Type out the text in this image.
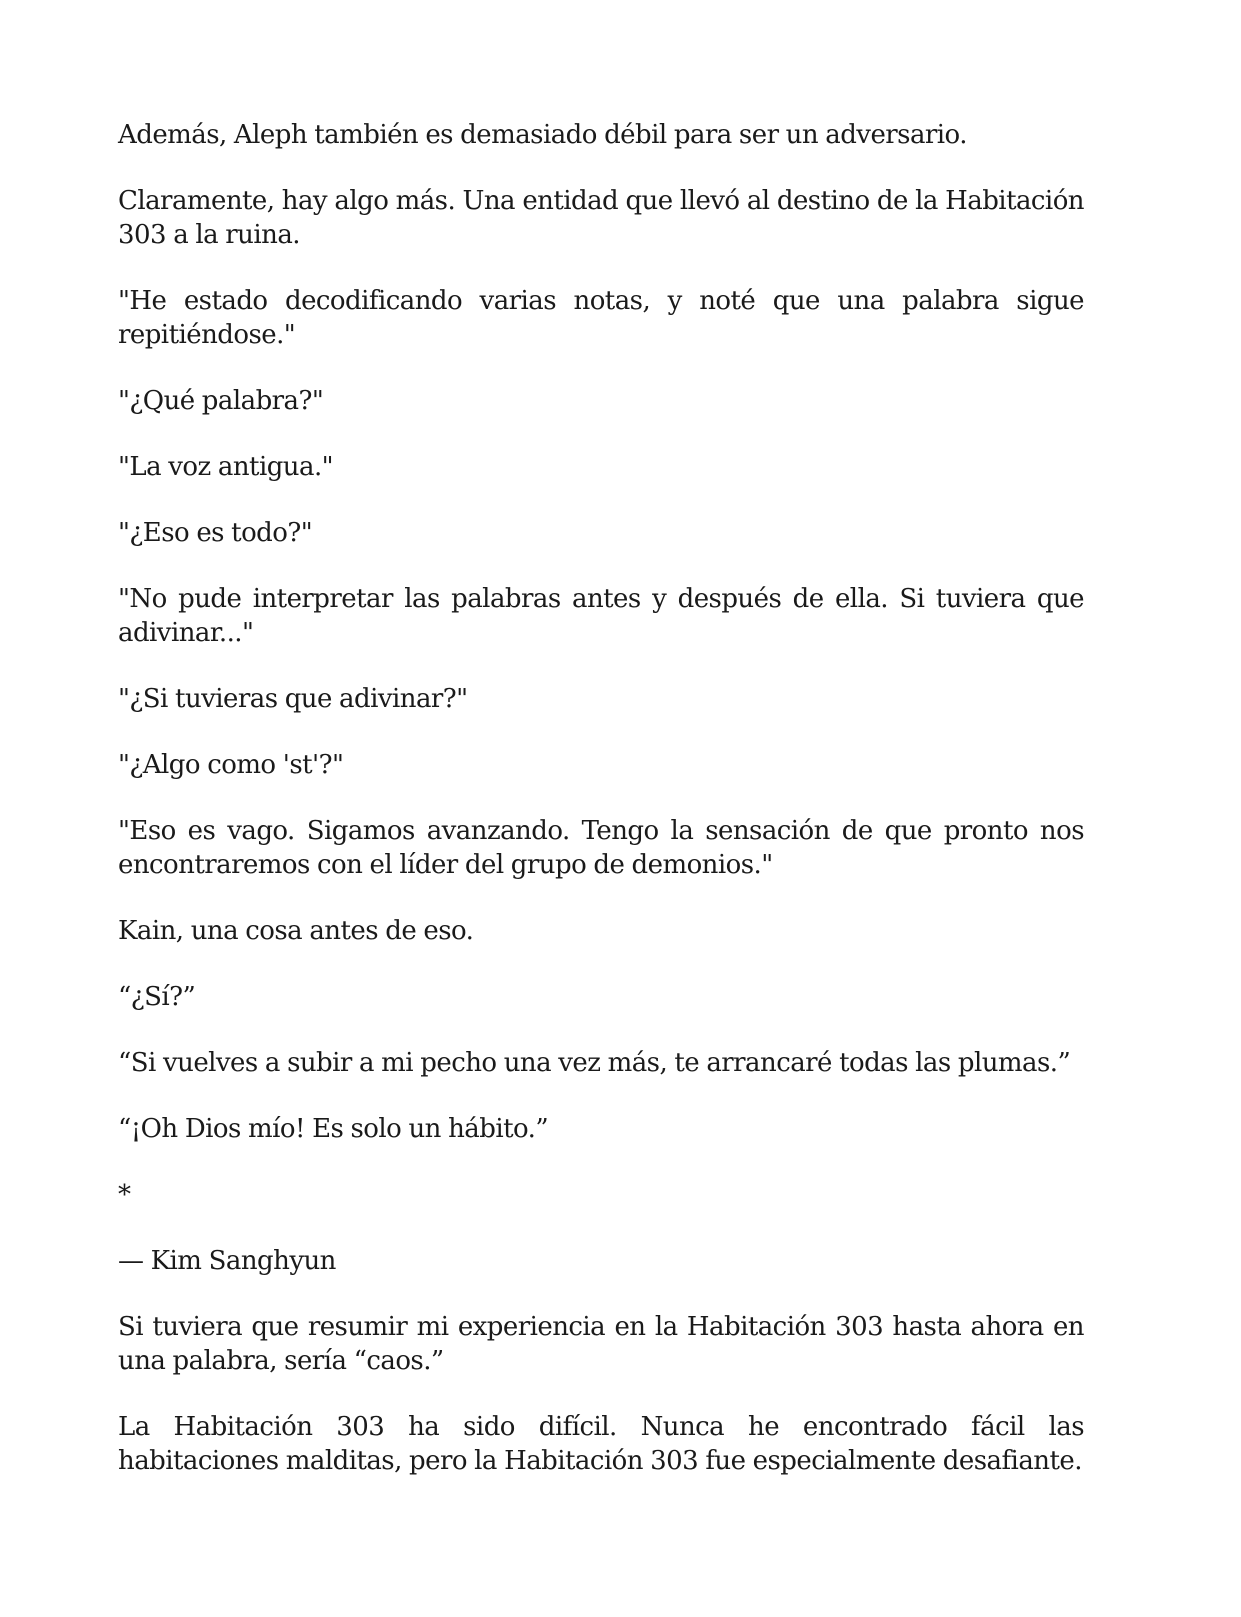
Además, Aleph también es demasiado débil para ser un adversario.

Claramente, hay algo más. Una entidad que llevó al destino de la Habitación 303 a la ruina.

"He estado decodificando varias notas, y noté que una palabra sigue repitiéndose."

"¿Qué palabra?"

"La voz antigua."

"¿Eso es todo?"

"No pude interpretar las palabras antes y después de ella. Si tuviera que adivinar..."

"¿Si tuvieras que adivinar?"

"¿Algo como 'st'?"

"Eso es vago. Sigamos avanzando. Tengo la sensación de que pronto nos encontraremos con el líder del grupo de demonios."

Kain, una cosa antes de eso.

“¿Sí?”

“Si vuelves a subir a mi pecho una vez más, te arrancaré todas las plumas.”

“¡Oh Dios mío! Es solo un hábito.”

*

— Kim Sanghyun

Si tuviera que resumir mi experiencia en la Habitación 303 hasta ahora en una palabra, sería “caos.”

La Habitación 303 ha sido difícil. Nunca he encontrado fácil las habitaciones malditas, pero la Habitación 303 fue especialmente desafiante.
